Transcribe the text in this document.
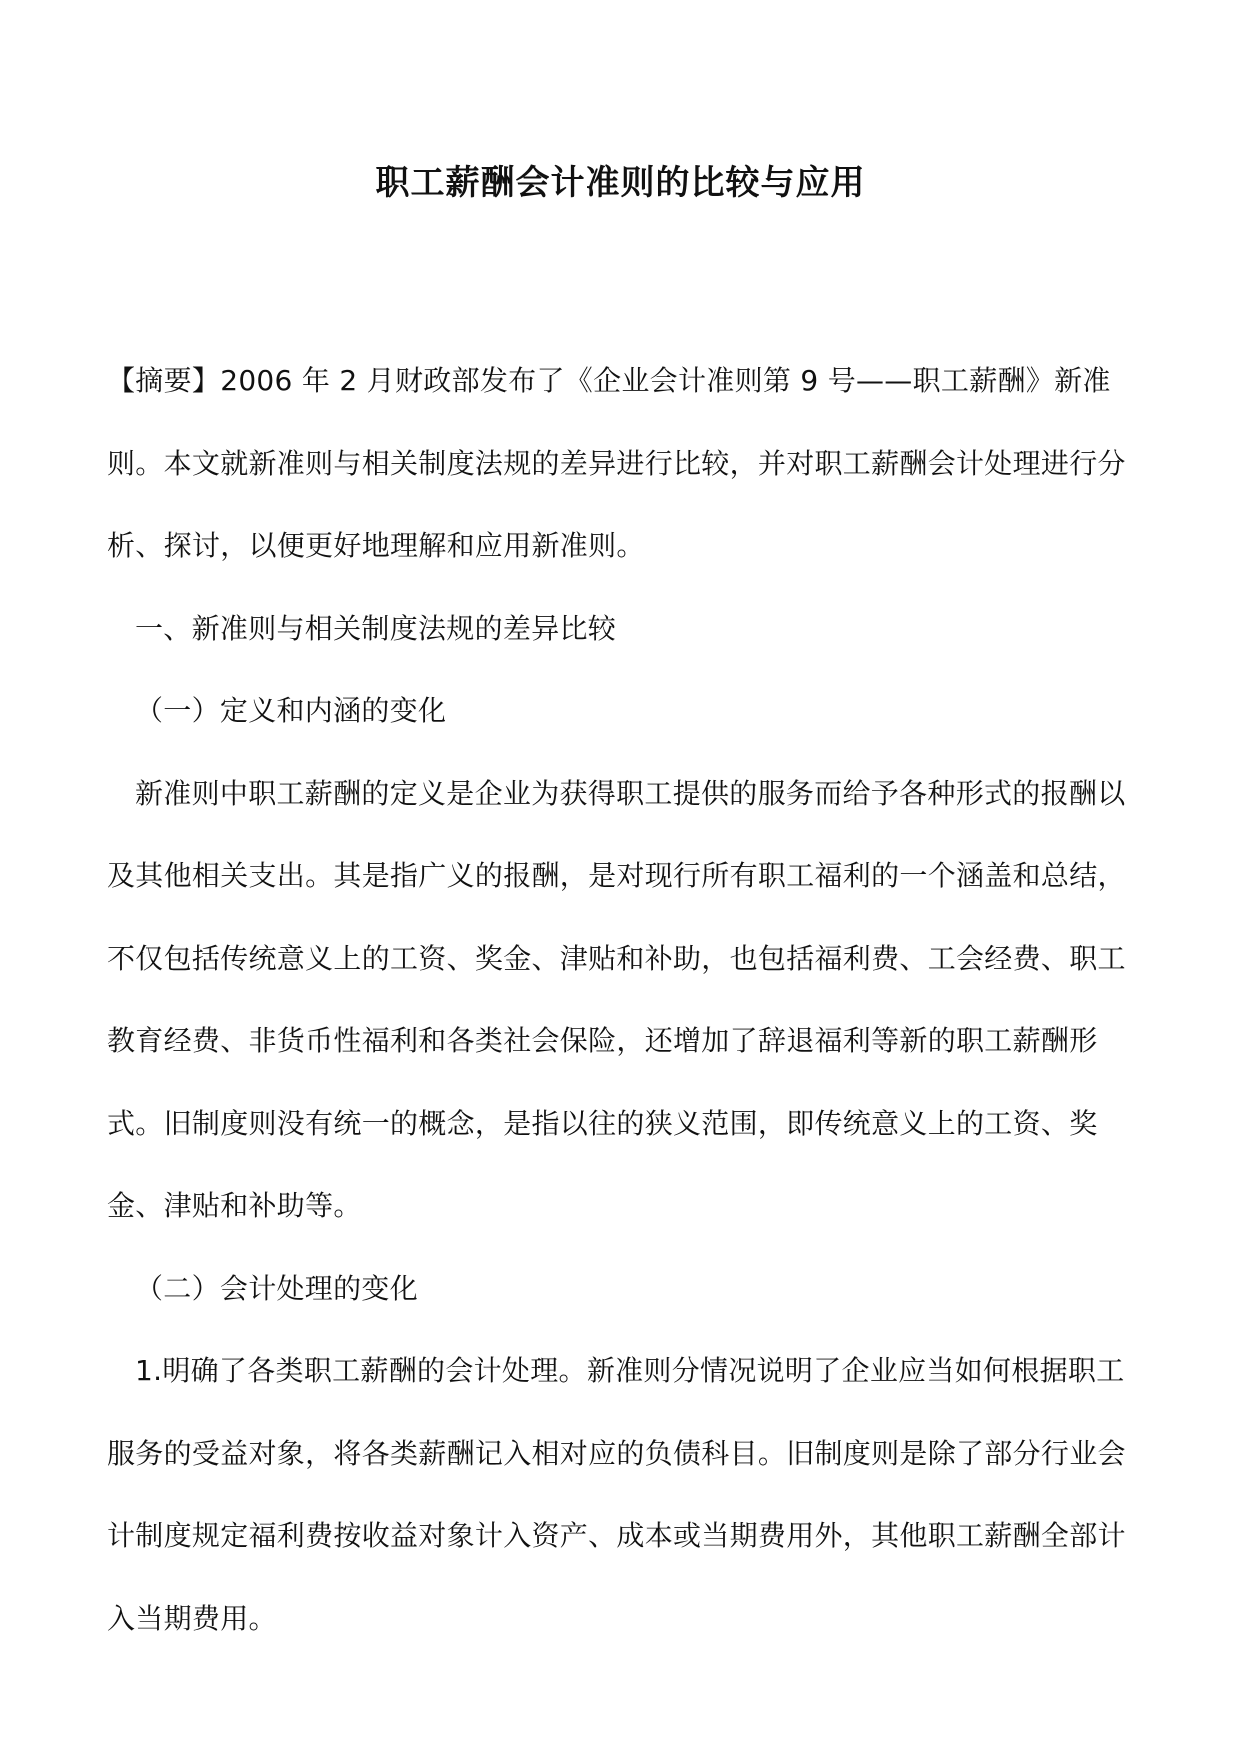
职工薪酬会计准则的比较与应用

【摘要】2006 年 2 月财政部发布了《企业会计准则第 9 号——职工薪酬》新准则。本文就新准则与相关制度法规的差异进行比较，并对职工薪酬会计处理进行分析、探讨，以便更好地理解和应用新准则。

一、新准则与相关制度法规的差异比较

（一）定义和内涵的变化

新准则中职工薪酬的定义是企业为获得职工提供的服务而给予各种形式的报酬以及其他相关支出。其是指广义的报酬，是对现行所有职工福利的一个涵盖和总结，不仅包括传统意义上的工资、奖金、津贴和补助，也包括福利费、工会经费、职工教育经费、非货币性福利和各类社会保险，还增加了辞退福利等新的职工薪酬形式。旧制度则没有统一的概念，是指以往的狭义范围，即传统意义上的工资、奖金、津贴和补助等。

（二）会计处理的变化

1.明确了各类职工薪酬的会计处理。新准则分情况说明了企业应当如何根据职工服务的受益对象，将各类薪酬记入相对应的负债科目。旧制度则是除了部分行业会计制度规定福利费按收益对象计入资产、成本或当期费用外，其他职工薪酬全部计入当期费用。
